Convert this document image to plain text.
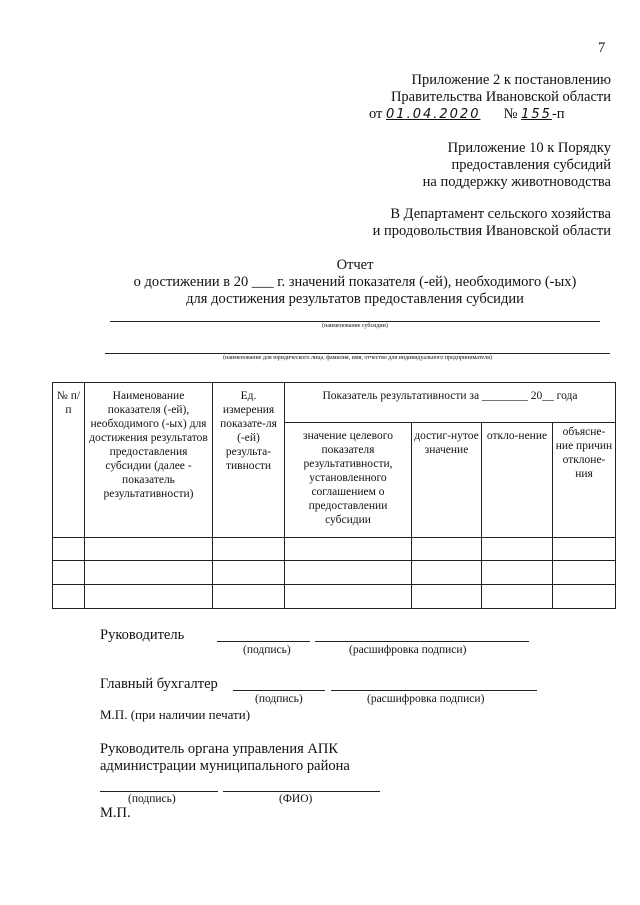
7
Приложение 2 к постановлению
Правительства Ивановской области
от 01.04.2020 № 155-п
Приложение 10 к Порядку
предоставления субсидий
на поддержку животноводства
В Департамент сельского хозяйства
и продовольствия Ивановской области
Отчет
о достижении в 20 ___ г. значений показателя (-ей), необходимого (-ых)
для достижения результатов предоставления субсидии
(наименование субсидии)
(наименование для юридического лица, фамилия, имя, отчество для индивидуального предпринимателя)
№ п/п	Наименование показателя (-ей), необходимого (-ых) для достижения результатов предоставления субсидии (далее - показатель результативности)	Ед. измерения показате-ля (-ей) результа-тивности	Показатель результативности за ________ 20__ года			
			значение целевого показателя результативности, установленного соглашением о предоставлении субсидии	достиг-нутое значение	откло-нение	объясне-ние причин отклоне-ния

Руководитель
(подпись)	(расшифровка подписи)
Главный бухгалтер
(подпись)	(расшифровка подписи)
М.П. (при наличии печати)
Руководитель органа управления АПК
администрации муниципального района
(подпись)	(ФИО)
М.П.
